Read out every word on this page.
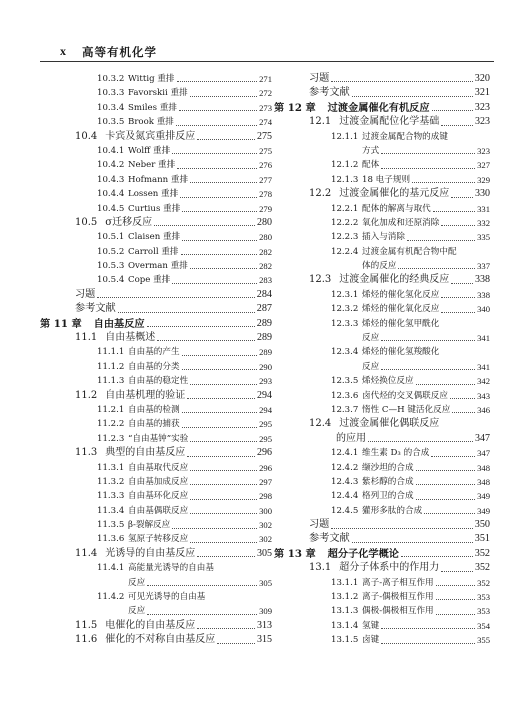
x 高等有机化学
10.3.2 Wittig 重排	271
10.3.3 Favorskii 重排	272
10.3.4 Smiles 重排	273
10.3.5 Brook 重排	274
10.4 卡宾及氮宾重排反应	275
10.4.1 Wolff 重排	275
10.4.2 Neber 重排	276
10.4.3 Hofmann 重排	277
10.4.4 Lossen 重排	278
10.4.5 Curtius 重排	279
10.5 σ迁移反应	280
10.5.1 Claisen 重排	280
10.5.2 Carroll 重排	282
10.5.3 Overman 重排	282
10.5.4 Cope 重排	283
习题	284
参考文献	287
第 11 章 自由基反应	289
11.1 自由基概述	289
11.1.1 自由基的产生	289
11.1.2 自由基的分类	290
11.1.3 自由基的稳定性	293
11.2 自由基机理的验证	294
11.2.1 自由基的检测	294
11.2.2 自由基的捕获	295
11.2.3 “自由基钟”实验	295
11.3 典型的自由基反应	296
11.3.1 自由基取代反应	296
11.3.2 自由基加成反应	297
11.3.3 自由基环化反应	298
11.3.4 自由基偶联反应	300
11.3.5 β-裂解反应	302
11.3.6 氢原子转移反应	302
11.4 光诱导的自由基反应	305
11.4.1 高能量光诱导的自由基
反应	305
11.4.2 可见光诱导的自由基
反应	309
11.5 电催化的自由基反应	313
11.6 催化的不对称自由基反应	315
习题	320
参考文献	321
第 12 章 过渡金属催化有机反应	323
12.1 过渡金属配位化学基础	323
12.1.1 过渡金属配合物的成键
方式	323
12.1.2 配体	327
12.1.3 18 电子规则	329
12.2 过渡金属催化的基元反应	330
12.2.1 配体的解离与取代	331
12.2.2 氧化加成和还原消除	332
12.2.3 插入与消除	335
12.2.4 过渡金属有机配合物中配
体的反应	337
12.3 过渡金属催化的经典反应	338
12.3.1 烯烃的催化氢化反应	338
12.3.2 烯烃的催化氧化反应	340
12.3.3 烯烃的催化氢甲酰化
反应	341
12.3.4 烯烃的催化氢羧酸化
反应	341
12.3.5 烯烃换位反应	342
12.3.6 卤代烃的交叉偶联反应	343
12.3.7 惰性 C—H 键活化反应	346
12.4 过渡金属催化偶联反应
的应用	347
12.4.1 维生素 D₃ 的合成	347
12.4.2 缬沙坦的合成	348
12.4.3 紫杉醇的合成	348
12.4.4 格列卫的合成	349
12.4.5 獾形多肽的合成	349
习题	350
参考文献	351
第 13 章 超分子化学概论	352
13.1 超分子体系中的作用力	352
13.1.1 离子-离子相互作用	352
13.1.2 离子-偶极相互作用	353
13.1.3 偶极-偶极相互作用	353
13.1.4 氢键	354
13.1.5 卤键	355
